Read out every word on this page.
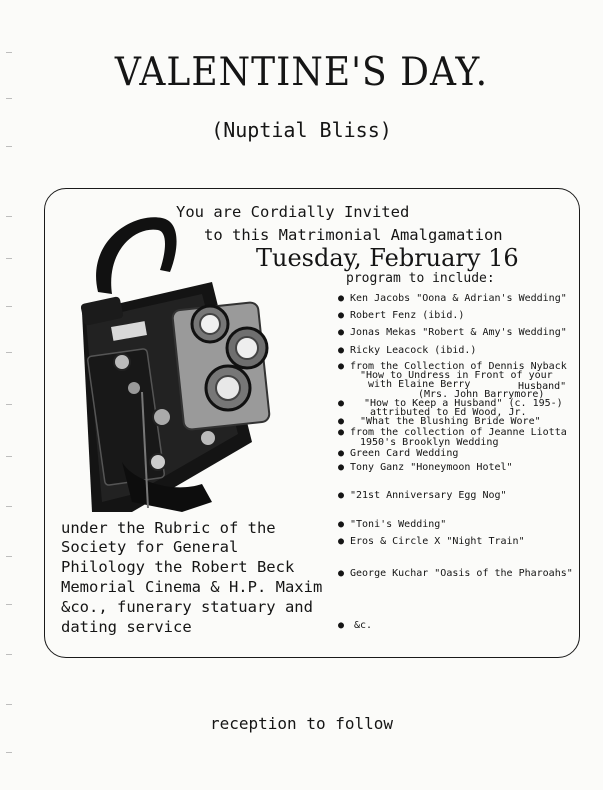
VALENTINE'S DAY.
(Nuptial Bliss)
You are Cordially Invited
to this Matrimonial Amalgamation
Tuesday, February 16
program to include:
● Ken Jacobs "Oona & Adrian's Wedding"
● Robert Fenz (ibid.)
● Jonas Mekas "Robert & Amy's Wedding"
● Ricky Leacock (ibid.)
● from the Collection of Dennis Nyback
"How to Undress in Front of your
with Elaine Berry	Husband"
(Mrs. John Barrymore)
● "How to Keep a Husband" (c. 195-)
attributed to Ed Wood, Jr.
● "What the Blushing Bride Wore"
● from the collection of Jeanne Liotta
1950's Brooklyn Wedding
● Green Card Wedding
● Tony Ganz "Honeymoon Hotel"
● "21st Anniversary Egg Nog"
● "Toni's Wedding"
● Eros & Circle X "Night Train"
● George Kuchar "Oasis of the Pharoahs"
● &c.
under the Rubric of the
Society for General
Philology the Robert Beck
Memorial Cinema & H.P. Maxim
&co., funerary statuary and
dating service
reception to follow
